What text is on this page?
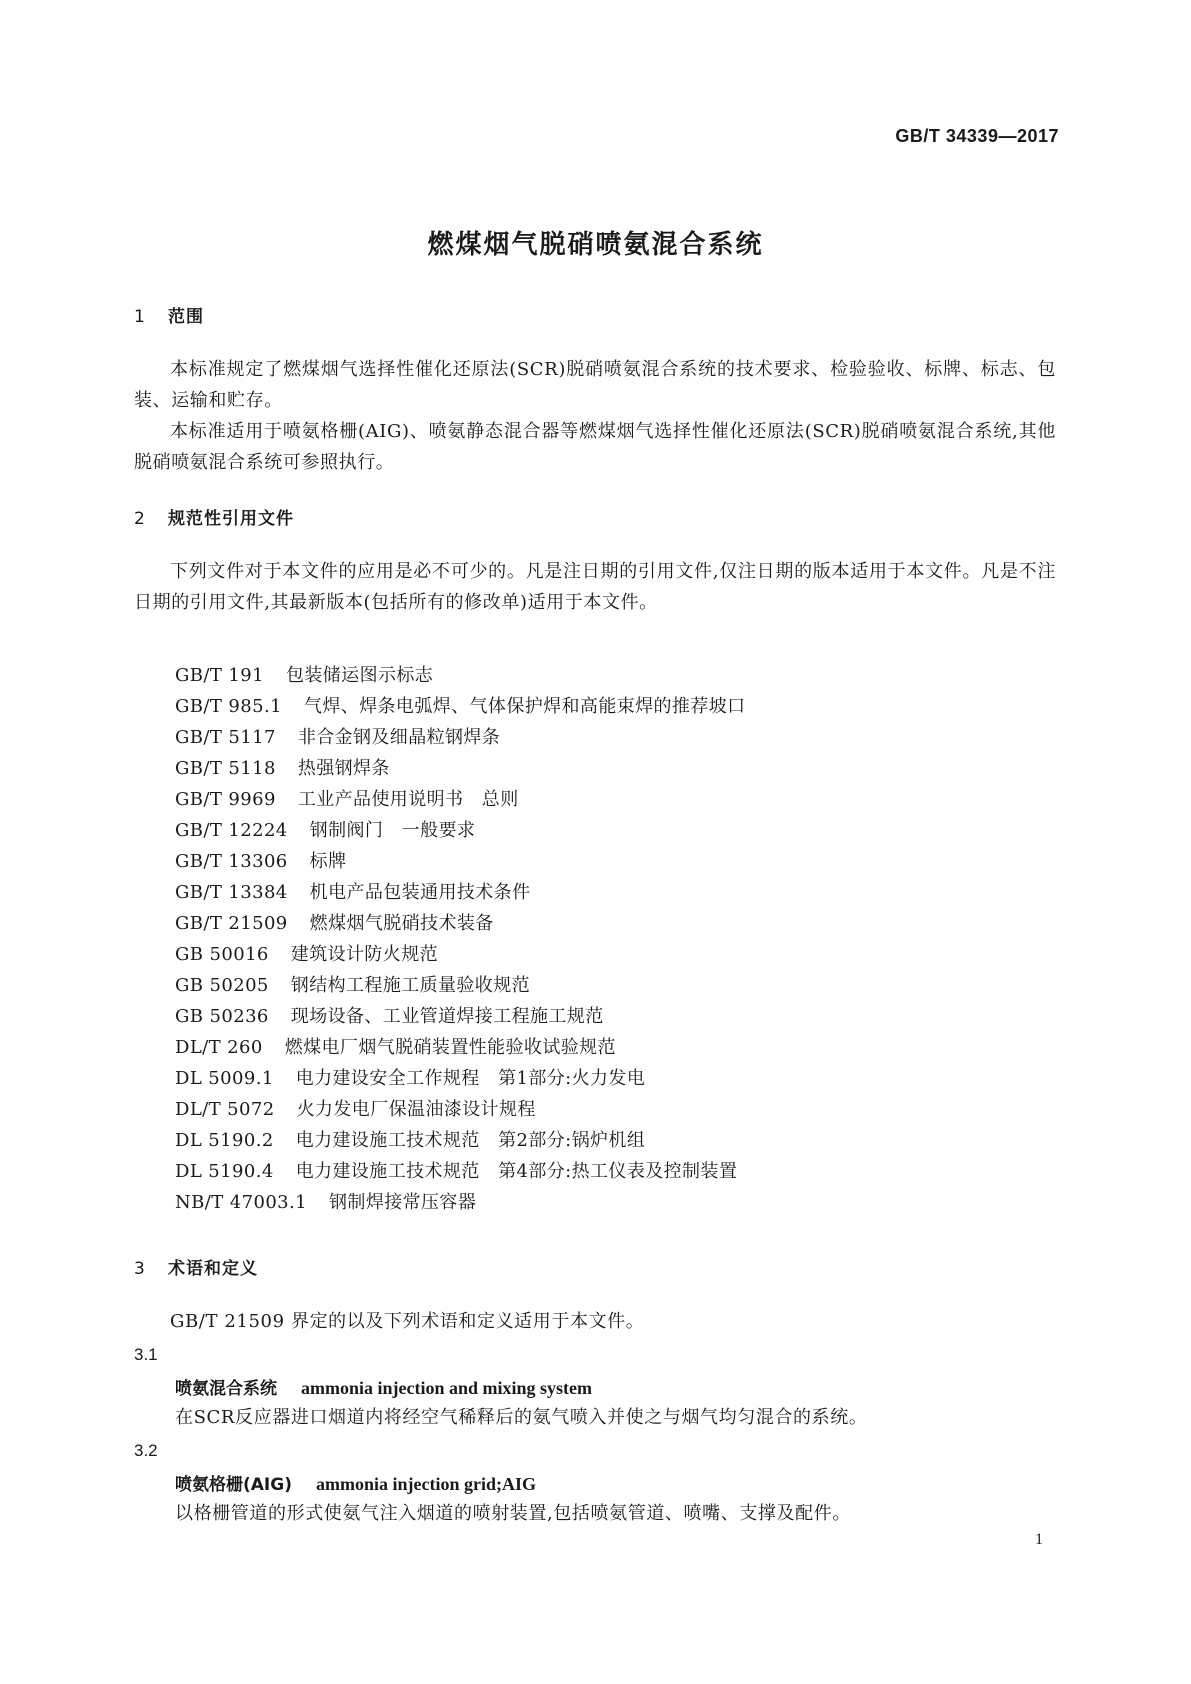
GB/T 34339—2017
燃煤烟气脱硝喷氨混合系统
1 范围
本标准规定了燃煤烟气选择性催化还原法(SCR)脱硝喷氨混合系统的技术要求、检验验收、标牌、标志、包装、运输和贮存。
本标准适用于喷氨格栅(AIG)、喷氨静态混合器等燃煤烟气选择性催化还原法(SCR)脱硝喷氨混合系统,其他脱硝喷氨混合系统可参照执行。
2 规范性引用文件
下列文件对于本文件的应用是必不可少的。凡是注日期的引用文件,仅注日期的版本适用于本文件。凡是不注日期的引用文件,其最新版本(包括所有的修改单)适用于本文件。
GB/T 191 包装储运图示标志
GB/T 985.1 气焊、焊条电弧焊、气体保护焊和高能束焊的推荐坡口
GB/T 5117 非合金钢及细晶粒钢焊条
GB/T 5118 热强钢焊条
GB/T 9969 工业产品使用说明书　总则
GB/T 12224 钢制阀门　一般要求
GB/T 13306 标牌
GB/T 13384 机电产品包装通用技术条件
GB/T 21509 燃煤烟气脱硝技术装备
GB 50016 建筑设计防火规范
GB 50205 钢结构工程施工质量验收规范
GB 50236 现场设备、工业管道焊接工程施工规范
DL/T 260 燃煤电厂烟气脱硝装置性能验收试验规范
DL 5009.1 电力建设安全工作规程　第1部分:火力发电
DL/T 5072 火力发电厂保温油漆设计规程
DL 5190.2 电力建设施工技术规范　第2部分:锅炉机组
DL 5190.4 电力建设施工技术规范　第4部分:热工仪表及控制装置
NB/T 47003.1 钢制焊接常压容器
3 术语和定义
GB/T 21509 界定的以及下列术语和定义适用于本文件。
3.1
喷氨混合系统 ammonia injection and mixing system
在SCR反应器进口烟道内将经空气稀释后的氨气喷入并使之与烟气均匀混合的系统。
3.2
喷氨格栅(AIG) ammonia injection grid;AIG
以格栅管道的形式使氨气注入烟道的喷射装置,包括喷氨管道、喷嘴、支撑及配件。
1
